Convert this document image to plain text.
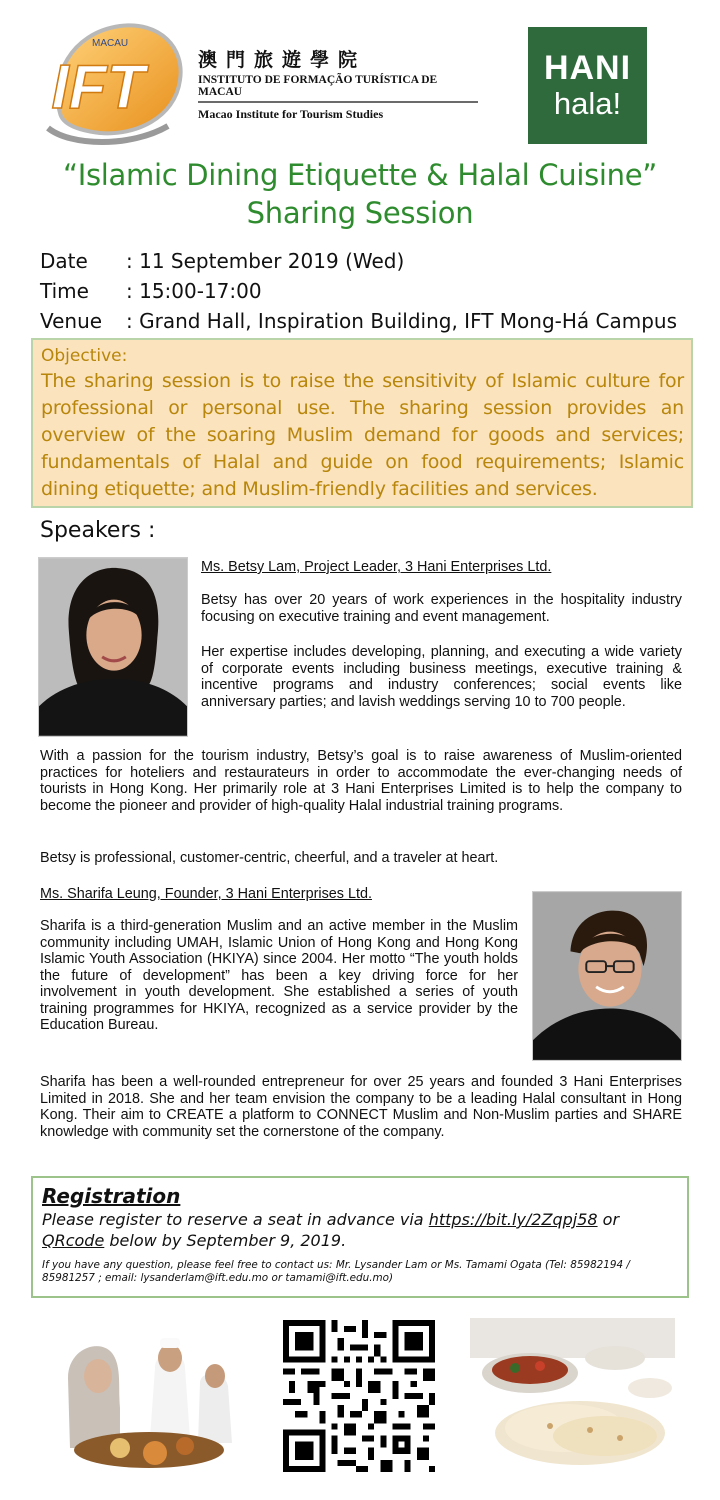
IFT
MACAU
澳門旅遊學院
INSTITUTO DE FORMAÇÃO TURÍSTICA DE MACAU
Macao Institute for Tourism Studies
HANI
hala!
“Islamic Dining Etiquette & Halal Cuisine”
Sharing Session
Date	: 11 September 2019 (Wed)
Time	: 15:00-17:00
Venue	: Grand Hall, Inspiration Building, IFT Mong-Há Campus
Objective:
The sharing session is to raise the sensitivity of Islamic culture for professional or personal use. The sharing session provides an overview of the soaring Muslim demand for goods and services; fundamentals of Halal and guide on food requirements; Islamic dining etiquette; and Muslim-friendly facilities and services.
Speakers :
Ms. Betsy Lam, Project Leader, 3 Hani Enterprises Ltd.
Betsy has over 20 years of work experiences in the hospitality industry focusing on executive training and event management.
Her expertise includes developing, planning, and executing a wide variety of corporate events including business meetings, executive training & incentive programs and industry conferences; social events like anniversary parties; and lavish weddings serving 10 to 700 people.
With a passion for the tourism industry, Betsy’s goal is to raise awareness of Muslim-oriented practices for hoteliers and restaurateurs in order to accommodate the ever-changing needs of tourists in Hong Kong. Her primarily role at 3 Hani Enterprises Limited is to help the company to become the pioneer and provider of high-quality Halal industrial training programs.
Betsy is professional, customer-centric, cheerful, and a traveler at heart.
Ms. Sharifa Leung, Founder, 3 Hani Enterprises Ltd.
Sharifa is a third-generation Muslim and an active member in the Muslim community including UMAH, Islamic Union of Hong Kong and Hong Kong Islamic Youth Association (HKIYA) since 2004. Her motto “The youth holds the future of development” has been a key driving force for her involvement in youth development. She established a series of youth training programmes for HKIYA, recognized as a service provider by the Education Bureau.
Sharifa has been a well-rounded entrepreneur for over 25 years and founded 3 Hani Enterprises Limited in 2018. She and her team envision the company to be a leading Halal consultant in Hong Kong. Their aim to CREATE a platform to CONNECT Muslim and Non-Muslim parties and SHARE knowledge with community set the cornerstone of the company.
Registration
Please register to reserve a seat in advance via https://bit.ly/2Zqpj58 or QRcode below by September 9, 2019.
If you have any question, please feel free to contact us: Mr. Lysander Lam or Ms. Tamami Ogata (Tel: 85982194 / 85981257 ; email: lysanderlam@ift.edu.mo or tamami@ift.edu.mo)
